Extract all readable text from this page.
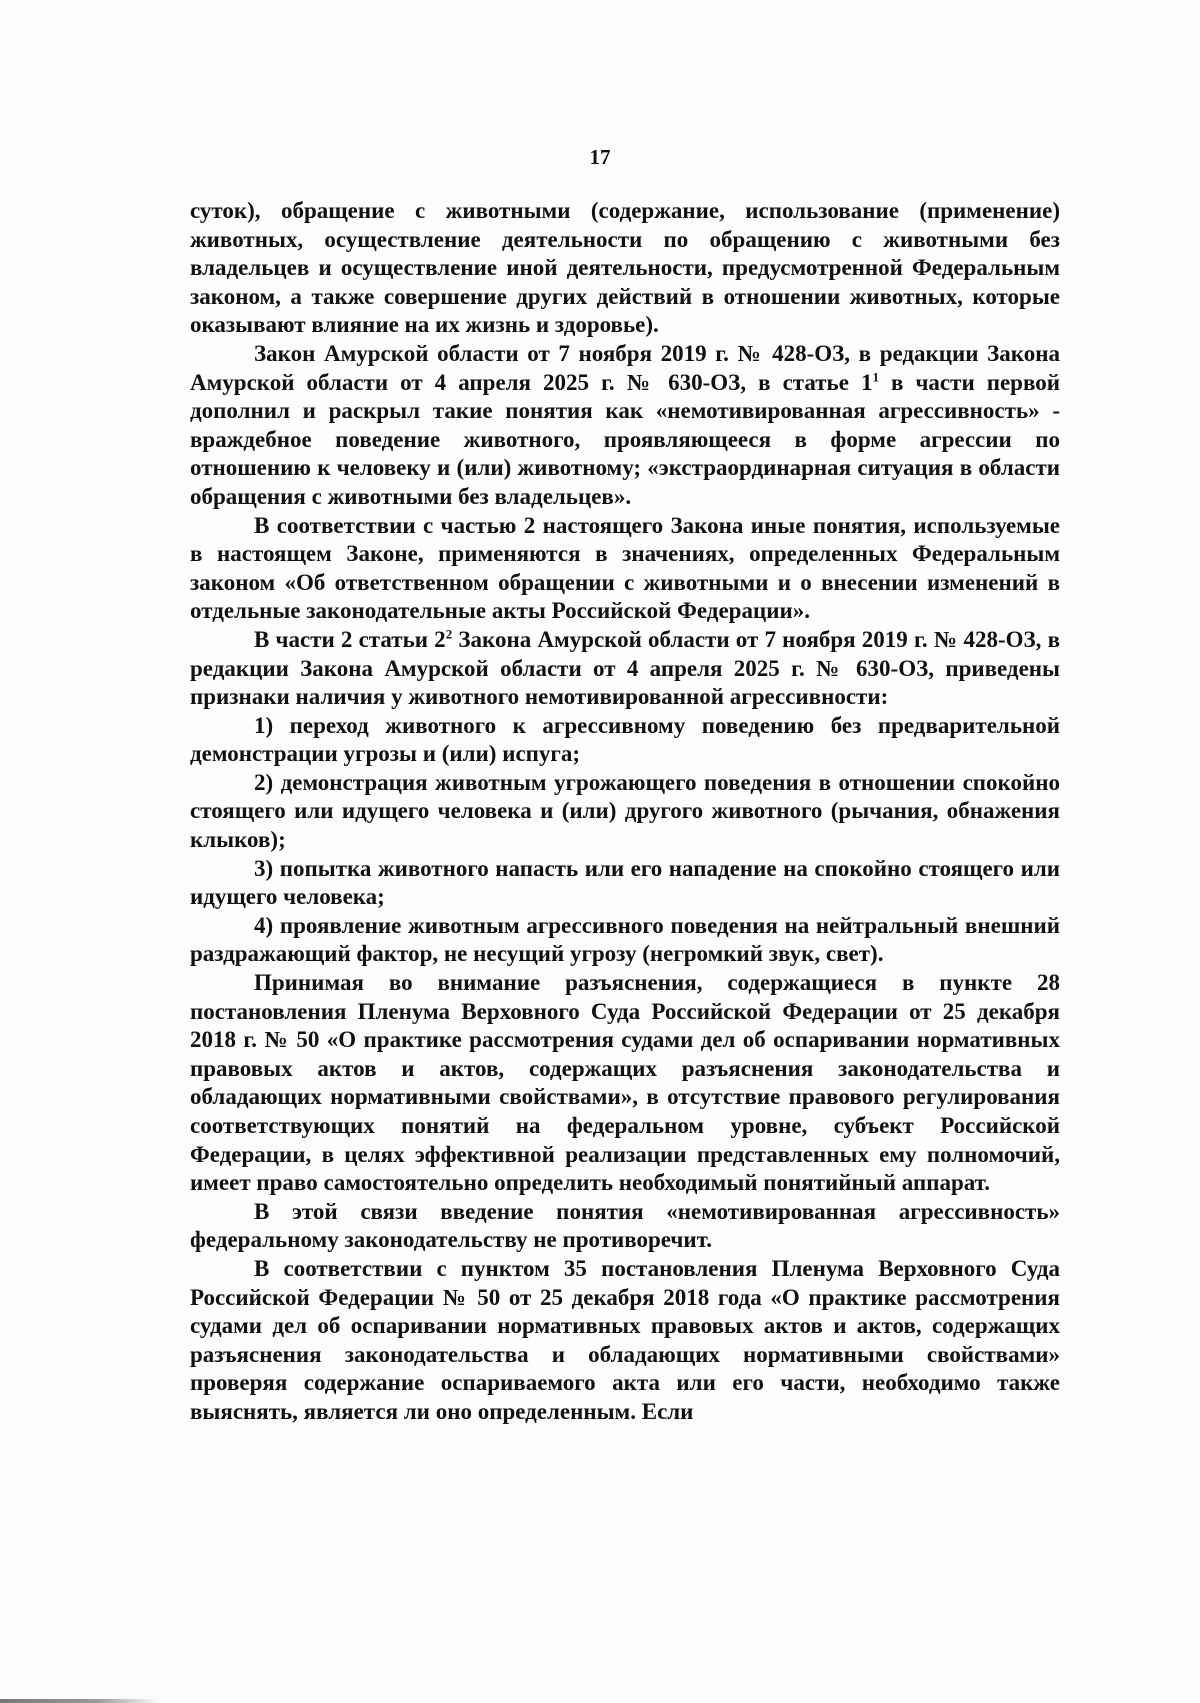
17

суток), обращение с животными (содержание, использование (применение) животных, осуществление деятельности по обращению с животными без владельцев и осуществление иной деятельности, предусмотренной Федеральным законом, а также совершение других действий в отношении животных, которые оказывают влияние на их жизнь и здоровье).

Закон Амурской области от 7 ноября 2019 г. № 428-ОЗ, в редакции Закона Амурской области от 4 апреля 2025 г. № 630-ОЗ, в статье $1^1$ в части первой дополнил и раскрыл такие понятия как «немотивированная агрессивность» - враждебное поведение животного, проявляющееся в форме агрессии по отношению к человеку и (или) животному; «экстраординарная ситуация в области обращения с животными без владельцев».

В соответствии с частью 2 настоящего Закона иные понятия, используемые в настоящем Законе, применяются в значениях, определенных Федеральным законом «Об ответственном обращении с животными и о внесении изменений в отдельные законодательные акты Российской Федерации».

В части 2 статьи $2^2$ Закона Амурской области от 7 ноября 2019 г. № 428-ОЗ, в редакции Закона Амурской области от 4 апреля 2025 г. № 630-ОЗ, приведены признаки наличия у животного немотивированной агрессивности:

1) переход животного к агрессивному поведению без предварительной демонстрации угрозы и (или) испуга;

2) демонстрация животным угрожающего поведения в отношении спокойно стоящего или идущего человека и (или) другого животного (рычания, обнажения клыков);

3) попытка животного напасть или его нападение на спокойно стоящего или идущего человека;

4) проявление животным агрессивного поведения на нейтральный внешний раздражающий фактор, не несущий угрозу (негромкий звук, свет).

Принимая во внимание разъяснения, содержащиеся в пункте 28 постановления Пленума Верховного Суда Российской Федерации от 25 декабря 2018 г. № 50 «О практике рассмотрения судами дел об оспаривании нормативных правовых актов и актов, содержащих разъяснения законодательства и обладающих нормативными свойствами», в отсутствие правового регулирования соответствующих понятий на федеральном уровне, субъект Российской Федерации, в целях эффективной реализации представленных ему полномочий, имеет право самостоятельно определить необходимый понятийный аппарат.

В этой связи введение понятия «немотивированная агрессивность» федеральному законодательству не противоречит.

В соответствии с пунктом 35 постановления Пленума Верховного Суда Российской Федерации № 50 от 25 декабря 2018 года «О практике рассмотрения судами дел об оспаривании нормативных правовых актов и актов, содержащих разъяснения законодательства и обладающих нормативными свойствами» проверяя содержание оспариваемого акта или его части, необходимо также выяснять, является ли оно определенным. Если
